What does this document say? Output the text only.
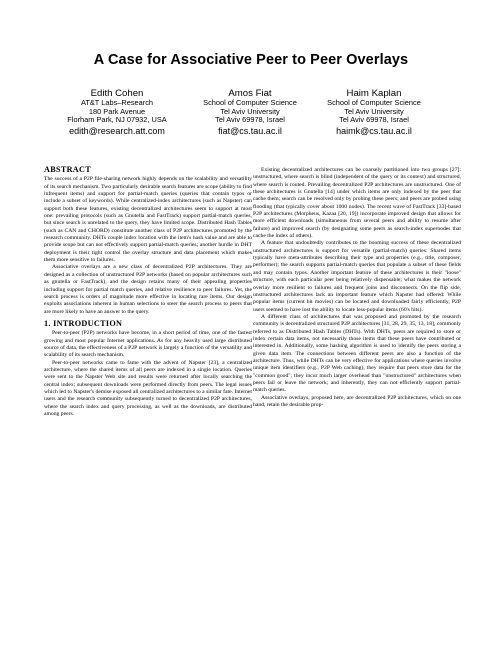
A Case for Associative Peer to Peer Overlays
Edith Cohen
AT&T Labs–Research
180 Park Avenue
Florham Park, NJ 07932, USA
edith@research.att.com
Amos Fiat
School of Computer Science
Tel Aviv University
Tel Aviv 69978, Israel
fiat@cs.tau.ac.il
Haim Kaplan
School of Computer Science
Tel Aviv University
Tel Aviv 69978, Israel
haimk@cs.tau.ac.il
ABSTRACT

The success of a P2P file-sharing network highly depends on the scalability and versatility of its search mechanism. Two particularly desirable search features are scope (ability to find infrequent items) and support for partial-match queries (queries that contain typos or include a subset of keywords). While centralized-index architectures (such as Napster) can support both these features, existing decentralized architectures seem to support at most one: prevailing protocols (such as Gnutella and FastTrack) support partial-match queries, but since search is unrelated to the query, they have limited scope. Distributed Hash Tables (such as CAN and CHORD) constitute another class of P2P architectures promoted by the research community. DHTs couple index location with the item's hash value and are able to provide scope but can not effectively support partial-match queries; another hurdle in DHT deployment is their tight control the overlay structure and data placement which makes them more sensitive to failures.

Associative overlays are a new class of decentralized P2P architectures. They are designed as a collection of unstructured P2P networks (based on popular architectures such as gnutella or FastTrack), and the design retains many of their appealing properties including support for partial match queries, and relative resilience to peer failures. Yet, the search process is orders of magnitude more effective in locating rare items. Our design exploits associations inherent in human selections to steer the search process to peers that are more likely to have an answer to the query.

1. INTRODUCTION

Peer-to-peer (P2P) networks have become, in a short period of time, one of the fastest growing and most popular Internet applications. As for any heavily used large distributed source of data, the effectiveness of a P2P network is largely a function of the versatility and scalability of its search mechanism.

Peer-to-peer networks came to fame with the advent of Napster [23], a centralized architecture, where the shared items of all peers are indexed in a single location. Queries were sent to the Napster Web site and results were returned after locally searching the central index; subsequent downloads were performed directly from peers. The legal issues which led to Napster's demise exposed all centralized architectures to a similar fate. Internet users and the research community subsequently turned to decentralized P2P architectures, where the search index and query processing, as well as the downloads, are distributed among peers.

Existing decentralized architectures can be coarsely partitioned into two groups [27]: unstructured, where search is blind (independent of the query or its context) and structured, where search is routed. Prevailing decentralized P2P architectures are unstructured. One of these architectures is Gnutella [14] under which items are only indexed by the peer that cache them; search can be resolved only by probing these peers; and peers are probed using flooding (that typically cover about 1000 nodes). The recent wave of FastTrack [33]-based P2P architectures (Morpheus, Kazaa [20, 19]) incorporate improved design that allows for more efficient downloads (simultaneous from several peers and ability to resume after failure) and improved search (by designating some peers as search-index supernodes that cache the index of others).

A feature that undoubtedly contributes to the booming success of these decentralized unstructured architectures is support for versatile (partial-match) queries: Shared items typically have meta-attributes describing their type and properties (e.g., title, composer, performer); the search supports partial-match queries that populate a subset of these fields and may contain typos. Another important feature of these architectures is their "loose" structure, with each particular peer being relatively dispensable; what makes the network overlay more resilient to failures and frequent joins and disconnects. On the flip side, unstructured architectures lack an important feature which Napster had offered: While popular items (current hit movies) can be located and downloaded fairly efficiently, P2P users seemed to have lost the ability to locate less-popular items (60's hits).

A different class of architectures that was proposed and promoted by the research community is decentralized structured P2P architectures [31, 28, 29, 35, 13, 18], commonly referred to as Distributed Hash Tables (DHTs). With DHTs, peers are required to store or index certain data items, not necessarily those items that these peers have contributed or interested in. Additionally, some hashing algorithm is used to identify the peers storing a given data item. The connections between different peers are also a function of the architecture. Thus, while DHTs can be very effective for applications where queries involve unique item identifiers (e.g., P2P Web caching), they require that peers store data for the "common good"; they incur much larger overhead than "unstructured" architectures when peers fail or leave the network; and inherently, they can not efficiently support partial-match queries.

Associative overlays, proposed here, are decentralized P2P architectures, which on one hand, retain the desirable prop-
